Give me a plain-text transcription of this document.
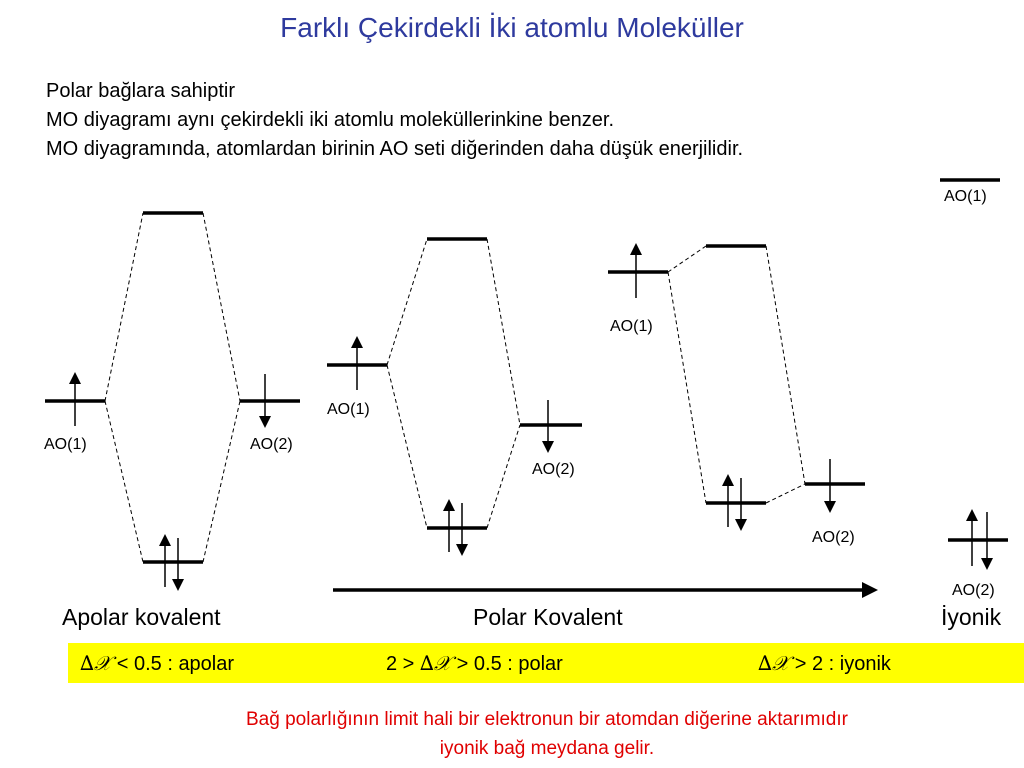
Farklı Çekirdekli İki atomlu Moleküller
Polar bağlara sahiptir
MO diyagramı aynı çekirdekli iki atomlu moleküllerinkine benzer.
MO diyagramında, atomlardan birinin AO seti diğerinden daha düşük enerjilidir.
AO(1)	AO(2)
AO(1)
AO(2)
AO(1)
AO(2)
AO(1)
AO(2)
Apolar kovalent	Polar Kovalent	İyonik
∆𝒳 < 0.5 : apolar	2 > ∆𝒳 > 0.5 : polar	∆𝒳 > 2 : iyonik
Bağ polarlığının limit hali bir elektronun bir atomdan diğerine aktarımıdır
iyonik bağ meydana gelir.
